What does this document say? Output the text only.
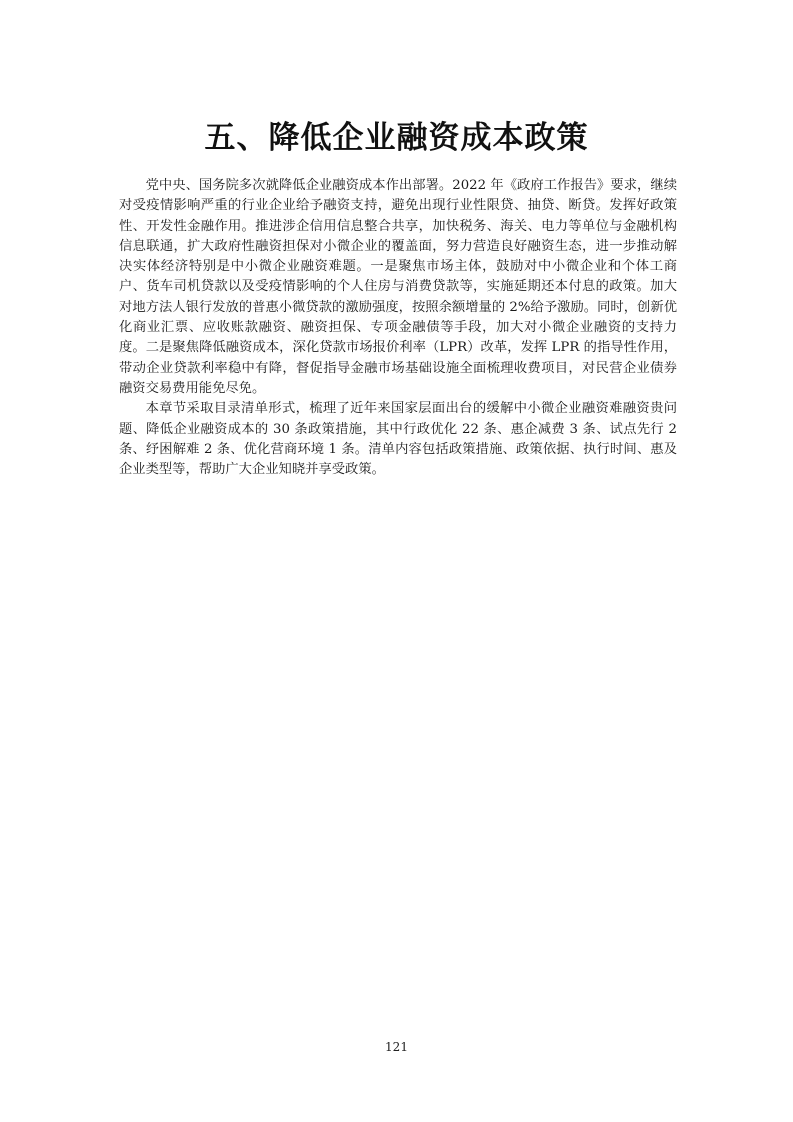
五、降低企业融资成本政策

党中央、国务院多次就降低企业融资成本作出部署。2022 年《政府工作报告》要求，继续对受疫情影响严重的行业企业给予融资支持，避免出现行业性限贷、抽贷、断贷。发挥好政策性、开发性金融作用。推进涉企信用信息整合共享，加快税务、海关、电力等单位与金融机构信息联通，扩大政府性融资担保对小微企业的覆盖面，努力营造良好融资生态，进一步推动解决实体经济特别是中小微企业融资难题。一是聚焦市场主体，鼓励对中小微企业和个体工商户、货车司机贷款以及受疫情影响的个人住房与消费贷款等，实施延期还本付息的政策。加大对地方法人银行发放的普惠小微贷款的激励强度，按照余额增量的 2%给予激励。同时，创新优化商业汇票、应收账款融资、融资担保、专项金融债等手段，加大对小微企业融资的支持力度。二是聚焦降低融资成本，深化贷款市场报价利率（LPR）改革，发挥 LPR 的指导性作用，带动企业贷款利率稳中有降，督促指导金融市场基础设施全面梳理收费项目，对民营企业债券融资交易费用能免尽免。

本章节采取目录清单形式，梳理了近年来国家层面出台的缓解中小微企业融资难融资贵问题、降低企业融资成本的 30 条政策措施，其中行政优化 22 条、惠企减费 3 条、试点先行 2 条、纾困解难 2 条、优化营商环境 1 条。清单内容包括政策措施、政策依据、执行时间、惠及企业类型等，帮助广大企业知晓并享受政策。

121
